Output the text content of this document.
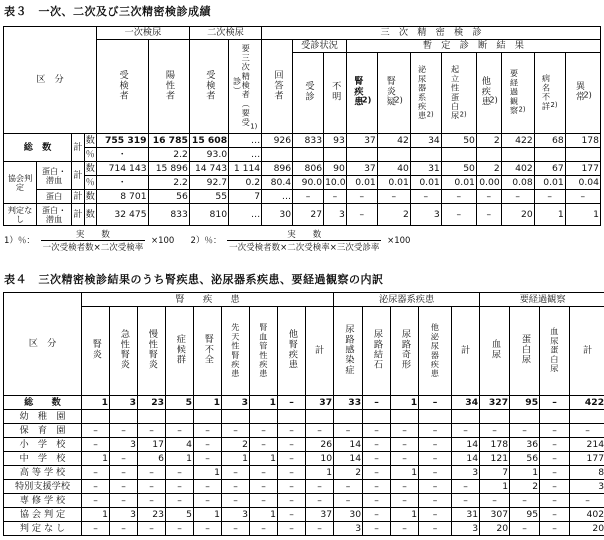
表３　一次、二次及び三次精密検診成績
区　分				一次検尿		二次検尿		三　次　精　密　検　診										
				受検者	陽性者	受検者	要三次精検者（要受診）$^{1)}$	回答者	受診状況		暫　定　診　断　結　果							
									受診	不明	腎疾患$^{2)}$	腎炎疑$^{2)}$	泌尿器系疾患$^{2)}$	起立性蛋白尿$^{2)}$	他疾患$^{2)}$	要経過観察$^{2)}$	病名不詳$^{2)}$	異常$^{2)}$
総　数		計	数	755 319	16 785	15 608	…	926	833	93	37	42	34	50	2	422	68	178
			％	・	2.2	93.0	…											
協会判定	蛋白・潜血	計	数	714 143	15 896	14 743	1 114	896	806	90	37	40	31	50	2	402	67	177
			％	・	2.2	92.7	0.2	80.4	90.0	10.0	0.01	0.01	0.01	0.01	0.00	0.08	0.01	0.04
	蛋白	計	数	8 701	56	55	7	…	–	–	–	–	–	–	–	–	–	–
判定なし	蛋白・潜血	計	数	32 475	833	810	…	30	27	3	–	2	3	–	–	20	1	1
1）％： $\frac{\text{実　　数}}{\text{一次受検者数×二次受検率}} \times 100$ 2）％： $\frac{\text{実　　数}}{\text{一次受検者数×二次受検率×三次受診率}} \times 100$
表４　三次精密検診結果のうち腎疾患、泌尿器系疾患、要経過観察の内訳
区　分	腎　　疾　　患									泌尿器系疾患					要経過観察			
	腎炎	急性腎炎	慢性腎炎	症候群	腎不全	先天性腎疾患	腎血管性疾患	他腎疾患	計	尿路感染症	尿路結石	尿路奇形	他泌尿器疾患	計	血尿	蛋白尿	血尿蛋白尿	計
総　　数	1	3	23	5	1	3	1	–	37	33	–	1	–	34	327	95	–	422
幼　稚　園																		
保　育　園	–	–	–	–	–	–	–	–	–	–	–	–	–	–	–	–	–	–
小　学　校	–	3	17	4	–	2	–	–	26	14	–	–	–	14	178	36	–	214
中　学　校	1	–	6	1	–	1	1	–	10	14	–	–	–	14	121	56	–	177
高 等 学 校	–	–	–	–	1	–	–	–	1	2	–	1	–	3	7	1	–	8
特別支援学校	–	–	–	–	–	–	–	–	–	–	–	–	–	–	1	2	–	3
専 修 学 校	–	–	–	–	–	–	–	–	–	–	–	–	–	–	–	–	–	–
協 会 判 定	1	3	23	5	1	3	1	–	37	30	–	1	–	31	307	95	–	402
判 定 な し	–	–	–	–	–	–	–	–	–	3	–	–	–	3	20	–	–	20
